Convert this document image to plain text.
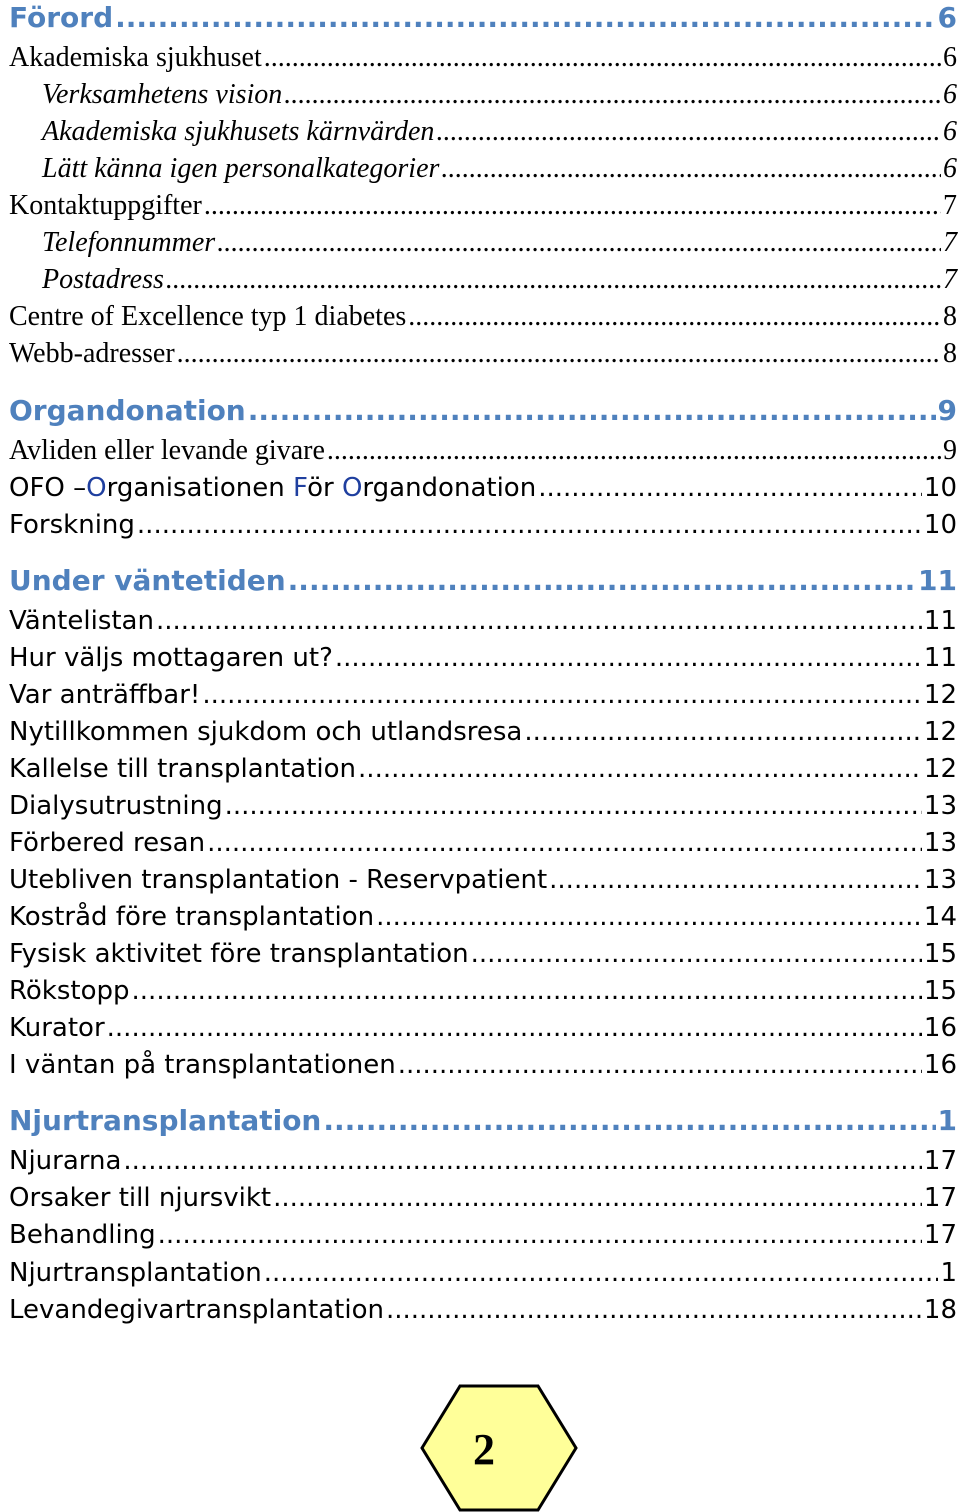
Förord .....	6
Akademiska sjukhuset .....	6
Verksamhetens vision .....	6
Akademiska sjukhusets kärnvärden .....	6
Lätt känna igen personalkategorier .....	6
Kontaktuppgifter .....	7
Telefonnummer .....	7
Postadress .....	7
Centre of Excellence typ 1 diabetes .....	8
Webb-adresser .....	8
Organdonation .....	9
Avliden eller levande givare .....	9
OFO –Organisationen För Organdonation .....	10
Forskning .....	10
Under väntetiden .....	11
Väntelistan .....	11
Hur väljs mottagaren ut? .....	11
Var anträffbar! .....	12
Nytillkommen sjukdom och utlandsresa .....	12
Kallelse till transplantation .....	12
Dialysutrustning .....	13
Förbered resan .....	13
Utebliven transplantation - Reservpatient .....	13
Kostråd före transplantation .....	14
Fysisk aktivitet före transplantation .....	15
Rökstopp .....	15
Kurator .....	16
I väntan på transplantationen .....	16
Njurtransplantation .....	1
Njurarna .....	17
Orsaker till njursvikt .....	17
Behandling .....	17
Njurtransplantation .....	1
Levandegivartransplantation .....	18
2
